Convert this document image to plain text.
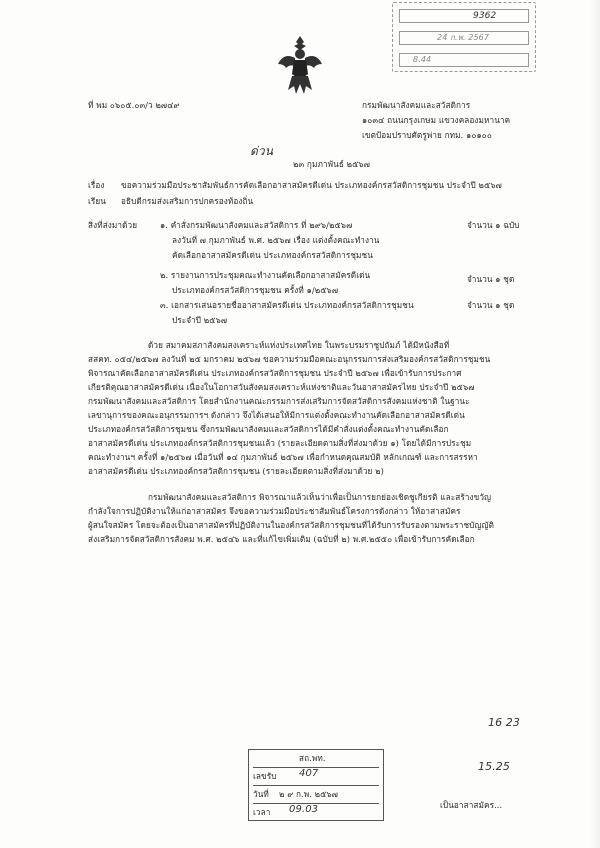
9362
24 ก.พ. 2567
8.44
ที่ พม ๐๖๐๕.๐๓/ว ๒๗๔๙	กรมพัฒนาสังคมและสวัสดิการ
๑๐๓๔ ถนนกรุงเกษม แขวงคลองมหานาค
เขตป้อมปราบศัตรูพ่าย กทม. ๑๐๑๐๐
ด่วน
๒๓ กุมภาพันธ์ ๒๕๖๗
เรื่อง ขอความร่วมมือประชาสัมพันธ์การคัดเลือกอาสาสมัครดีเด่น ประเภทองค์กรสวัสดิการชุมชน ประจำปี ๒๕๖๗
เรียน อธิบดีกรมส่งเสริมการปกครองท้องถิ่น
สิ่งที่ส่งมาด้วย	๑. คำสั่งกรมพัฒนาสังคมและสวัสดิการ ที่ ๒๙๖/๒๕๖๗	จำนวน ๑ ฉบับ
ลงวันที่ ๗ กุมภาพันธ์ พ.ศ. ๒๕๖๗ เรื่อง แต่งตั้งคณะทำงาน
คัดเลือกอาสาสมัครดีเด่น ประเภทองค์กรสวัสดิการชุมชน
๒. รายงานการประชุมคณะทำงานคัดเลือกอาสาสมัครดีเด่น	จำนวน ๑ ชุด
ประเภทองค์กรสวัสดิการชุมชน ครั้งที่ ๑/๒๕๖๗
๓. เอกสารเสนอรายชื่ออาสาสมัครดีเด่น ประเภทองค์กรสวัสดิการชุมชน	จำนวน ๑ ชุด
ประจำปี ๒๕๖๗
ด้วย สมาคมสภาสังคมสงเคราะห์แห่งประเทศไทย ในพระบรมราชูปถัมภ์ ได้มีหนังสือที่
สสคท. ๐๕๔/๒๕๖๗ ลงวันที่ ๒๕ มกราคม ๒๕๖๗ ขอความร่วมมือคณะอนุกรรมการส่งเสริมองค์กรสวัสดิการชุมชน
พิจารณาคัดเลือกอาสาสมัครดีเด่น ประเภทองค์กรสวัสดิการชุมชน ประจำปี ๒๕๖๗ เพื่อเข้ารับการประกาศ
เกียรติคุณอาสาสมัครดีเด่น เนื่องในโอกาสวันสังคมสงเคราะห์แห่งชาติและวันอาสาสมัครไทย ประจำปี ๒๕๖๗
กรมพัฒนาสังคมและสวัสดิการ โดยสำนักงานคณะกรรมการส่งเสริมการจัดสวัสดิการสังคมแห่งชาติ ในฐานะ
เลขานุการของคณะอนุกรรมการฯ ดังกล่าว จึงได้เสนอให้มีการแต่งตั้งคณะทำงานคัดเลือกอาสาสมัครดีเด่น
ประเภทองค์กรสวัสดิการชุมชน ซึ่งกรมพัฒนาสังคมและสวัสดิการได้มีคำสั่งแต่งตั้งคณะทำงานคัดเลือก
อาสาสมัครดีเด่น ประเภทองค์กรสวัสดิการชุมชนแล้ว (รายละเอียดตามสิ่งที่ส่งมาด้วย ๑) โดยได้มีการประชุม
คณะทำงานฯ ครั้งที่ ๑/๒๕๖๗ เมื่อวันที่ ๑๔ กุมภาพันธ์ ๒๕๖๗ เพื่อกำหนดคุณสมบัติ หลักเกณฑ์ และการสรรหา
อาสาสมัครดีเด่น ประเภทองค์กรสวัสดิการชุมชน (รายละเอียดตามสิ่งที่ส่งมาด้วย ๒)
กรมพัฒนาสังคมและสวัสดิการ พิจารณาแล้วเห็นว่าเพื่อเป็นการยกย่องเชิดชูเกียรติ และสร้างขวัญ
กำลังใจการปฏิบัติงานให้แก่อาสาสมัคร จึงขอความร่วมมือประชาสัมพันธ์โครงการดังกล่าว ให้อาสาสมัคร
ผู้สนใจสมัคร โดยจะต้องเป็นอาสาสมัครที่ปฏิบัติงานในองค์กรสวัสดิการชุมชนที่ได้รับการรับรองตามพระราชบัญญัติ
ส่งเสริมการจัดสวัสดิการสังคม พ.ศ. ๒๕๔๖ และที่แก้ไขเพิ่มเติม (ฉบับที่ ๒) พ.ศ.๒๕๕๐ เพื่อเข้ารับการคัดเลือก
16 23
15.25
สถ.พท.
เลขรับ 407
วันที่ ๒ ๙ ก.พ. ๒๕๖๗
เวลา 09.03	เป็นอาสาสมัคร...
